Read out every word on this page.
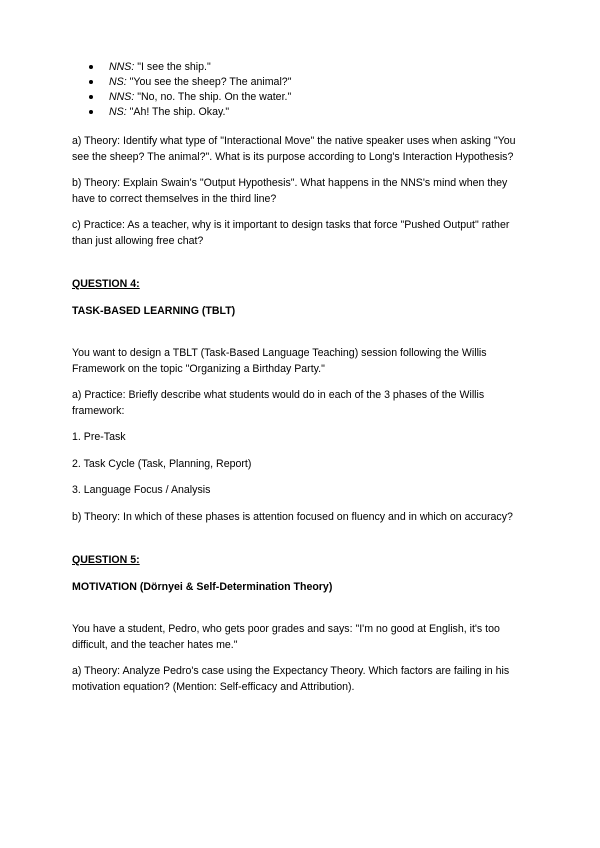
NNS: "I see the ship."
NS: "You see the sheep? The animal?"
NNS: "No, no. The ship. On the water."
NS: "Ah! The ship. Okay."

a) Theory: Identify what type of "Interactional Move" the native speaker uses when asking "You see the sheep? The animal?". What is its purpose according to Long's Interaction Hypothesis?

b) Theory: Explain Swain's "Output Hypothesis". What happens in the NNS's mind when they have to correct themselves in the third line?

c) Practice: As a teacher, why is it important to design tasks that force "Pushed Output" rather than just allowing free chat?

QUESTION 4:

TASK-BASED LEARNING (TBLT)

You want to design a TBLT (Task-Based Language Teaching) session following the Willis Framework on the topic "Organizing a Birthday Party."

a) Practice: Briefly describe what students would do in each of the 3 phases of the Willis framework:

1. Pre-Task

2. Task Cycle (Task, Planning, Report)

3. Language Focus / Analysis

b) Theory: In which of these phases is attention focused on fluency and in which on accuracy?

QUESTION 5:

MOTIVATION (Dörnyei & Self-Determination Theory)

You have a student, Pedro, who gets poor grades and says: "I'm no good at English, it's too difficult, and the teacher hates me."

a) Theory: Analyze Pedro's case using the Expectancy Theory. Which factors are failing in his motivation equation? (Mention: Self-efficacy and Attribution).
